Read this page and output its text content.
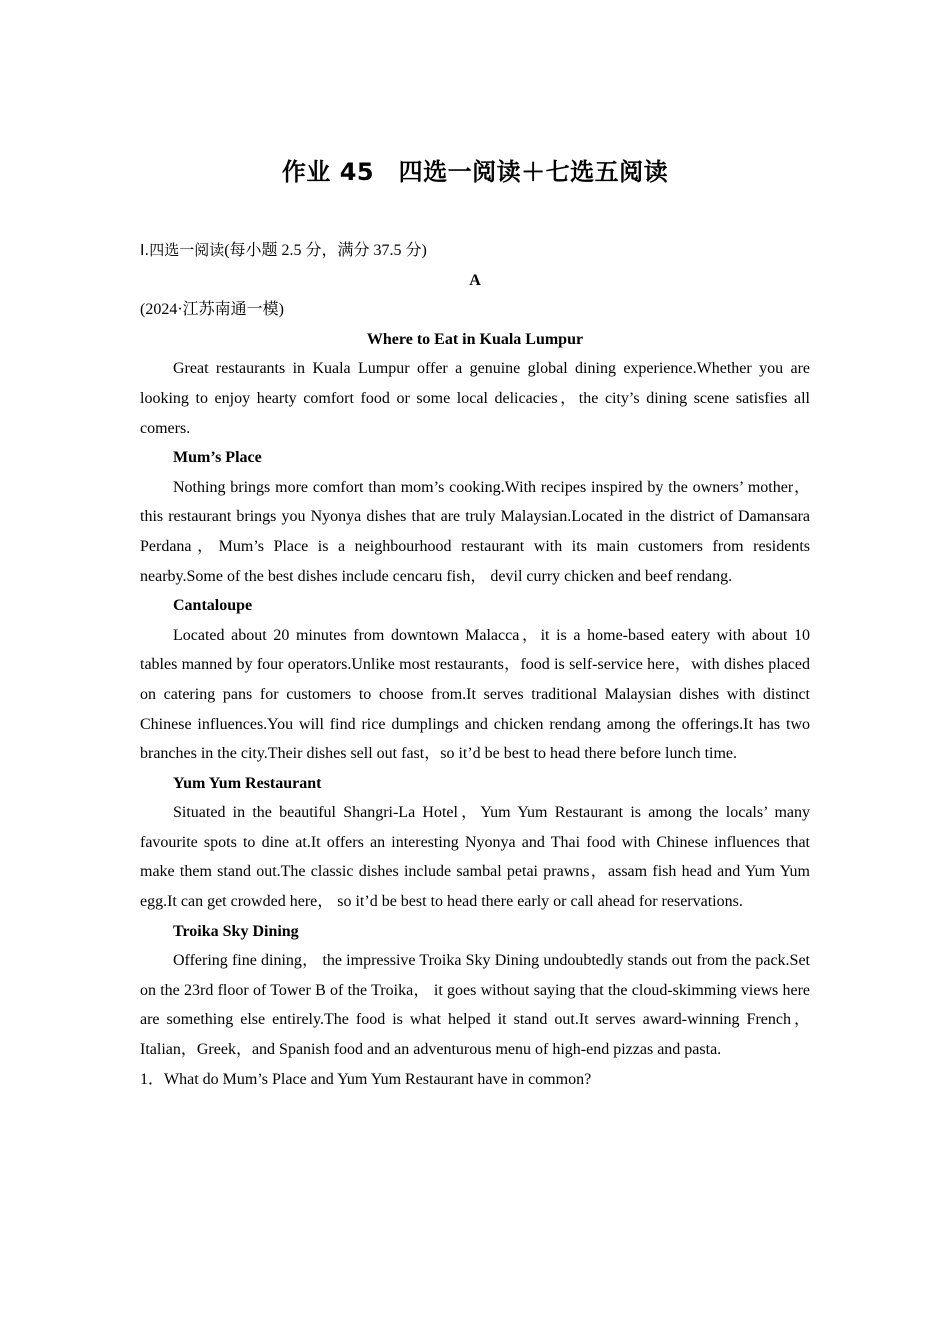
作业 45　四选一阅读＋七选五阅读

Ⅰ.四选一阅读(每小题 2.5 分，满分 37.5 分)

A

(2024·江苏南通一模)

Where to Eat in Kuala Lumpur

Great restaurants in Kuala Lumpur offer a genuine global dining experience.Whether you are looking to enjoy hearty comfort food or some local delicacies，the city’s dining scene satisfies all comers.

Mum’s Place

Nothing brings more comfort than mom’s cooking.With recipes inspired by the owners’ mother，this restaurant brings you Nyonya dishes that are truly Malaysian.Located in the district of Damansara Perdana，Mum’s Place is a neighbourhood restaurant with its main customers from residents nearby.Some of the best dishes include cencaru fish， devil curry chicken and beef rendang.

Cantaloupe

Located about 20 minutes from downtown Malacca，it is a home-based eatery with about 10 tables manned by four operators.Unlike most restaurants，food is self-service here，with dishes placed on catering pans for customers to choose from.It serves traditional Malaysian dishes with distinct Chinese influences.You will find rice dumplings and chicken rendang among the offerings.It has two branches in the city.Their dishes sell out fast，so it’d be best to head there before lunch time.

Yum Yum Restaurant

Situated in the beautiful Shangri-La Hotel，Yum Yum Restaurant is among the locals’ many favourite spots to dine at.It offers an interesting Nyonya and Thai food with Chinese influences that make them stand out.The classic dishes include sambal petai prawns，assam fish head and Yum Yum egg.It can get crowded here， so it’d be best to head there early or call ahead for reservations.

Troika Sky Dining

Offering fine dining， the impressive Troika Sky Dining undoubtedly stands out from the pack.Set on the 23rd floor of Tower B of the Troika， it goes without saying that the cloud-skimming views here are something else entirely.The food is what helped it stand out.It serves award-winning French，Italian，Greek，and Spanish food and an adventurous menu of high-end pizzas and pasta.

1．What do Mum’s Place and Yum Yum Restaurant have in common?
